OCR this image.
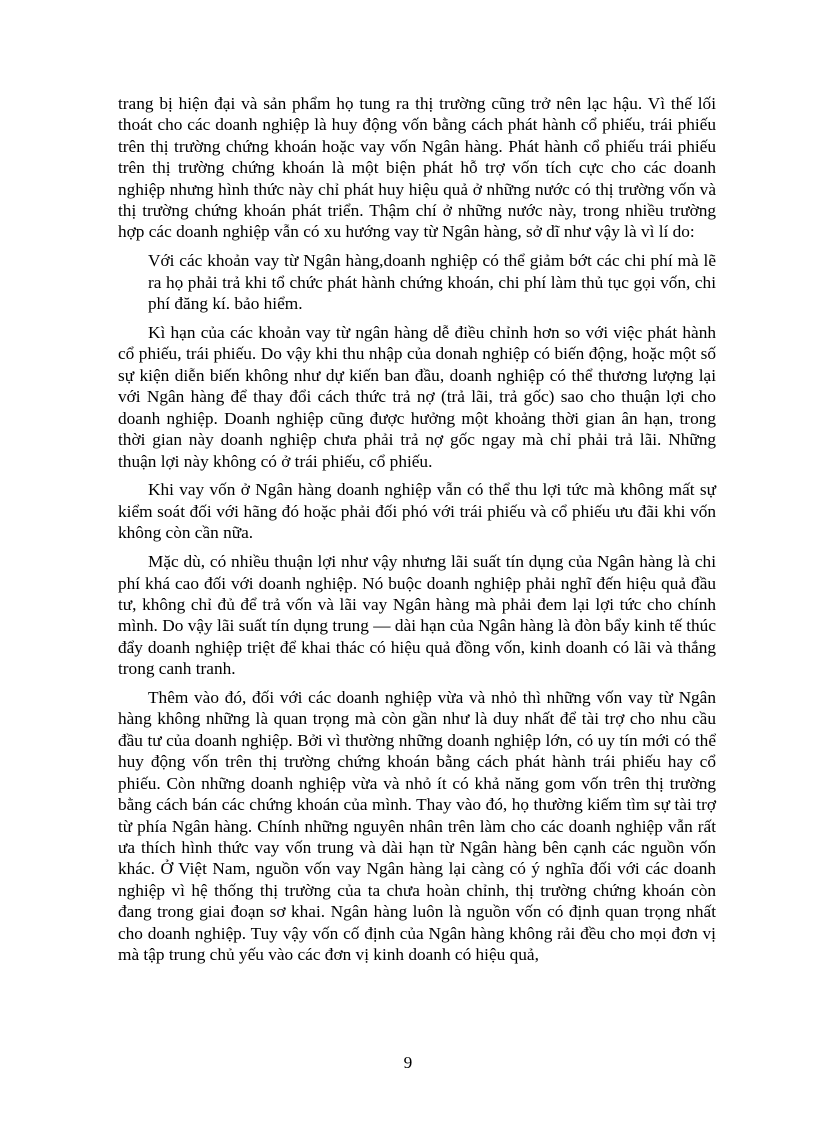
trang bị hiện đại và sản phẩm họ tung ra thị trường cũng trở nên lạc hậu. Vì thế lối thoát cho các doanh nghiệp là huy động vốn bằng cách phát hành cổ phiếu, trái phiếu trên thị trường chứng khoán hoặc vay vốn Ngân hàng. Phát hành cổ phiếu trái phiếu trên thị trường chứng khoán là một biện phát hỗ trợ vốn tích cực cho các doanh nghiệp nhưng hình thức này chỉ phát huy hiệu quả ở những nước có thị trường vốn và thị trường chứng khoán phát triển. Thậm chí ở những nước này, trong nhiều trường hợp các doanh nghiệp vẫn có xu hướng vay từ Ngân hàng, sở dĩ như vậy là vì lí do:

Với các khoản vay từ Ngân hàng,doanh nghiệp có thể giảm bớt các chi phí mà lẽ ra họ phải trả khi tổ chức phát hành chứng khoán, chi phí làm thủ tục gọi vốn, chi phí đăng kí. bảo hiểm.

Kì hạn của các khoản vay từ ngân hàng dễ điều chỉnh hơn so với việc phát hành cổ phiếu, trái phiếu. Do vậy khi thu nhập của donah nghiệp có biến động, hoặc một số sự kiện diễn biến không như dự kiến ban đầu, doanh nghiệp có thể thương lượng lại với Ngân hàng để thay đổi cách thức trả nợ (trả lãi, trả gốc) sao cho thuận lợi cho doanh nghiệp. Doanh nghiệp cũng được hưởng một khoảng thời gian ân hạn, trong thời gian này doanh nghiệp chưa phải trả nợ gốc ngay mà chỉ phải trả lãi. Những thuận lợi này không có ở trái phiếu, cổ phiếu.

Khi vay vốn ở Ngân hàng doanh nghiệp vẫn có thể thu lợi tức mà không mất sự kiểm soát đối với hãng đó hoặc phải đối phó với trái phiếu và cổ phiếu ưu đãi khi vốn không còn cần nữa.

Mặc dù, có nhiều thuận lợi như vậy nhưng lãi suất tín dụng của Ngân hàng là chi phí khá cao đối với doanh nghiệp. Nó buộc doanh nghiệp phải nghĩ đến hiệu quả đầu tư, không chỉ đủ để trả vốn và lãi vay Ngân hàng mà phải đem lại lợi tức cho chính mình. Do vậy lãi suất tín dụng trung — dài hạn của Ngân hàng là đòn bẩy kinh tế thúc đẩy doanh nghiệp triệt để khai thác có hiệu quả đồng vốn, kinh doanh có lãi và thắng trong canh tranh.

Thêm vào đó, đối với các doanh nghiệp vừa và nhỏ thì những vốn vay từ Ngân hàng không những là quan trọng mà còn gần như là duy nhất để tài trợ cho nhu cầu đầu tư của doanh nghiệp. Bởi vì thường những doanh nghiệp lớn, có uy tín mới có thể huy động vốn trên thị trường chứng khoán bằng cách phát hành trái phiếu hay cổ phiếu. Còn những doanh nghiệp vừa và nhỏ ít có khả năng gom vốn trên thị trường bằng cách bán các chứng khoán của mình. Thay vào đó, họ thường kiếm tìm sự tài trợ từ phía Ngân hàng. Chính những nguyên nhân trên làm cho các doanh nghiệp vẫn rất ưa thích hình thức vay vốn trung và dài hạn từ Ngân hàng bên cạnh các nguồn vốn khác. Ở Việt Nam, nguồn vốn vay Ngân hàng lại càng có ý nghĩa đối với các doanh nghiệp vì hệ thống thị trường của ta chưa hoàn chỉnh, thị trường chứng khoán còn đang trong giai đoạn sơ khai. Ngân hàng luôn là nguồn vốn có định quan trọng nhất cho doanh nghiệp. Tuy vậy vốn cố định của Ngân hàng không rải đều cho mọi đơn vị mà tập trung chủ yếu vào các đơn vị kinh doanh có hiệu quả,

9
